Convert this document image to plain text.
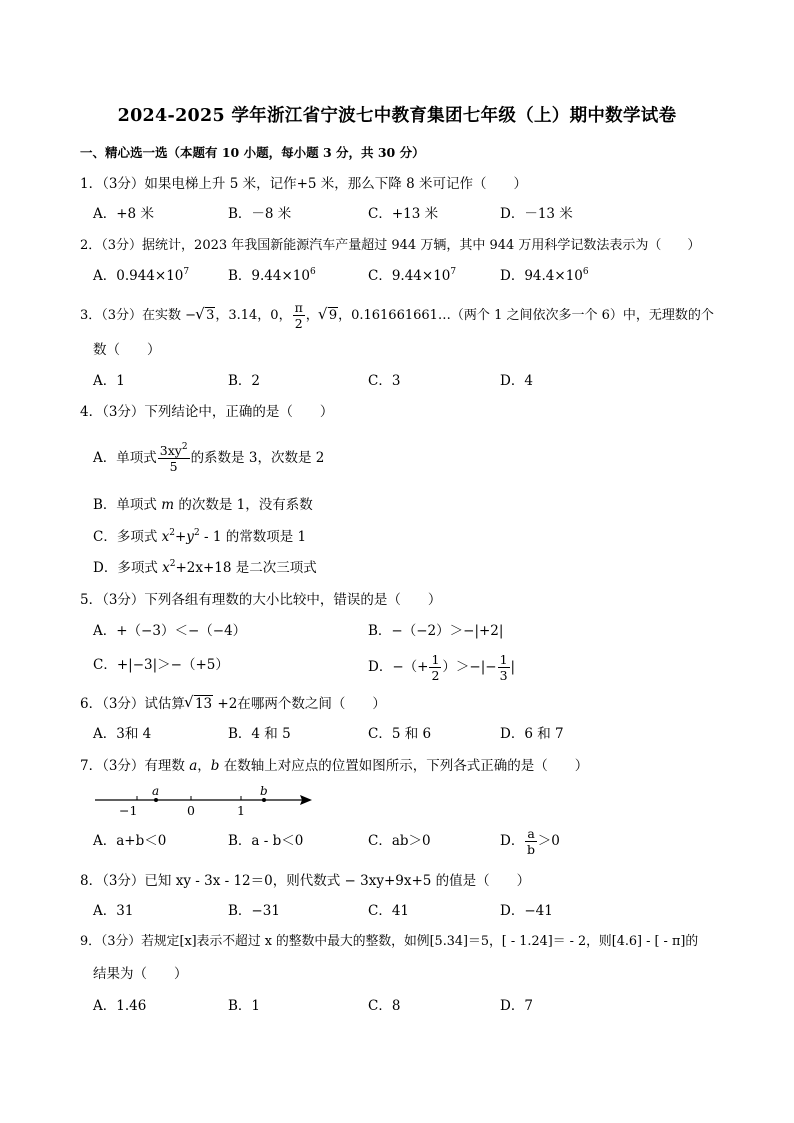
2024-2025 学年浙江省宁波七中教育集团七年级（上）期中数学试卷
一、精心选一选（本题有 10 小题，每小题 3 分，共 30 分）
1．（3分）如果电梯上升 5 米，记作+5 米，那么下降 8 米可记作（　　）
A．+8 米	B．－8 米	C．+13 米	D．－13 米
2．（3分）据统计，2023 年我国新能源汽车产量超过 944 万辆，其中 944 万用科学记数法表示为（　　）
A．$0.944\times 10^7$	B．$9.44\times 10^6$	C．$9.44\times 10^7$	D．$94.4\times 10^6$
3．（3分）在实数 − √ 3，3.14，0， $\frac{\pi}{2}$ ， √ 9，0.161661661…（两个 1 之间依次多一个 6）中，无理数的个
数（　　）
A．1	B．2	C．3	D．4
4．（3分）下列结论中，正确的是（　　）
A．单项式 $\frac{3xy^2}{5}$ 的系数是 3，次数是 2
B．单项式 m 的次数是 1，没有系数
C．多项式 $x^2+y^2 - 1$ 的常数项是 1
D．多项式 $x^2+2x+18$ 是二次三项式
5．（3分）下列各组有理数的大小比较中，错误的是（　　）
A．+（−3）＜−（−4）	B．−（−2）＞−|+2|
C．+|−3|＞−（+5）	D．−（+ $\frac{1}{2}$ ）＞−|− $\frac{1}{3}$ |
6．（3分）试估算 √ 13 +2在哪两个数之间（　　）
A．3和 4	B．4 和 5	C．5 和 6	D．6 和 7
7．（3分）有理数 a，b 在数轴上对应点的位置如图所示，下列各式正确的是（　　）
a	b
−1	0	1
A．a+b＜0	B．a - b＜0	C．ab＞0	D． $\frac{a}{b} >0$
8．（3分）已知 xy - 3x - 12＝0，则代数式 − 3xy+9x+5 的值是（　　）
A．31	B．−31	C．41	D．−41
9．（3分）若规定[x]表示不超过 x 的整数中最大的整数，如例[5.34]＝5，[ - 1.24]＝ - 2，则[4.6] - [ - π]的
结果为（　　）
A．1.46	B．1	C．8	D．7
